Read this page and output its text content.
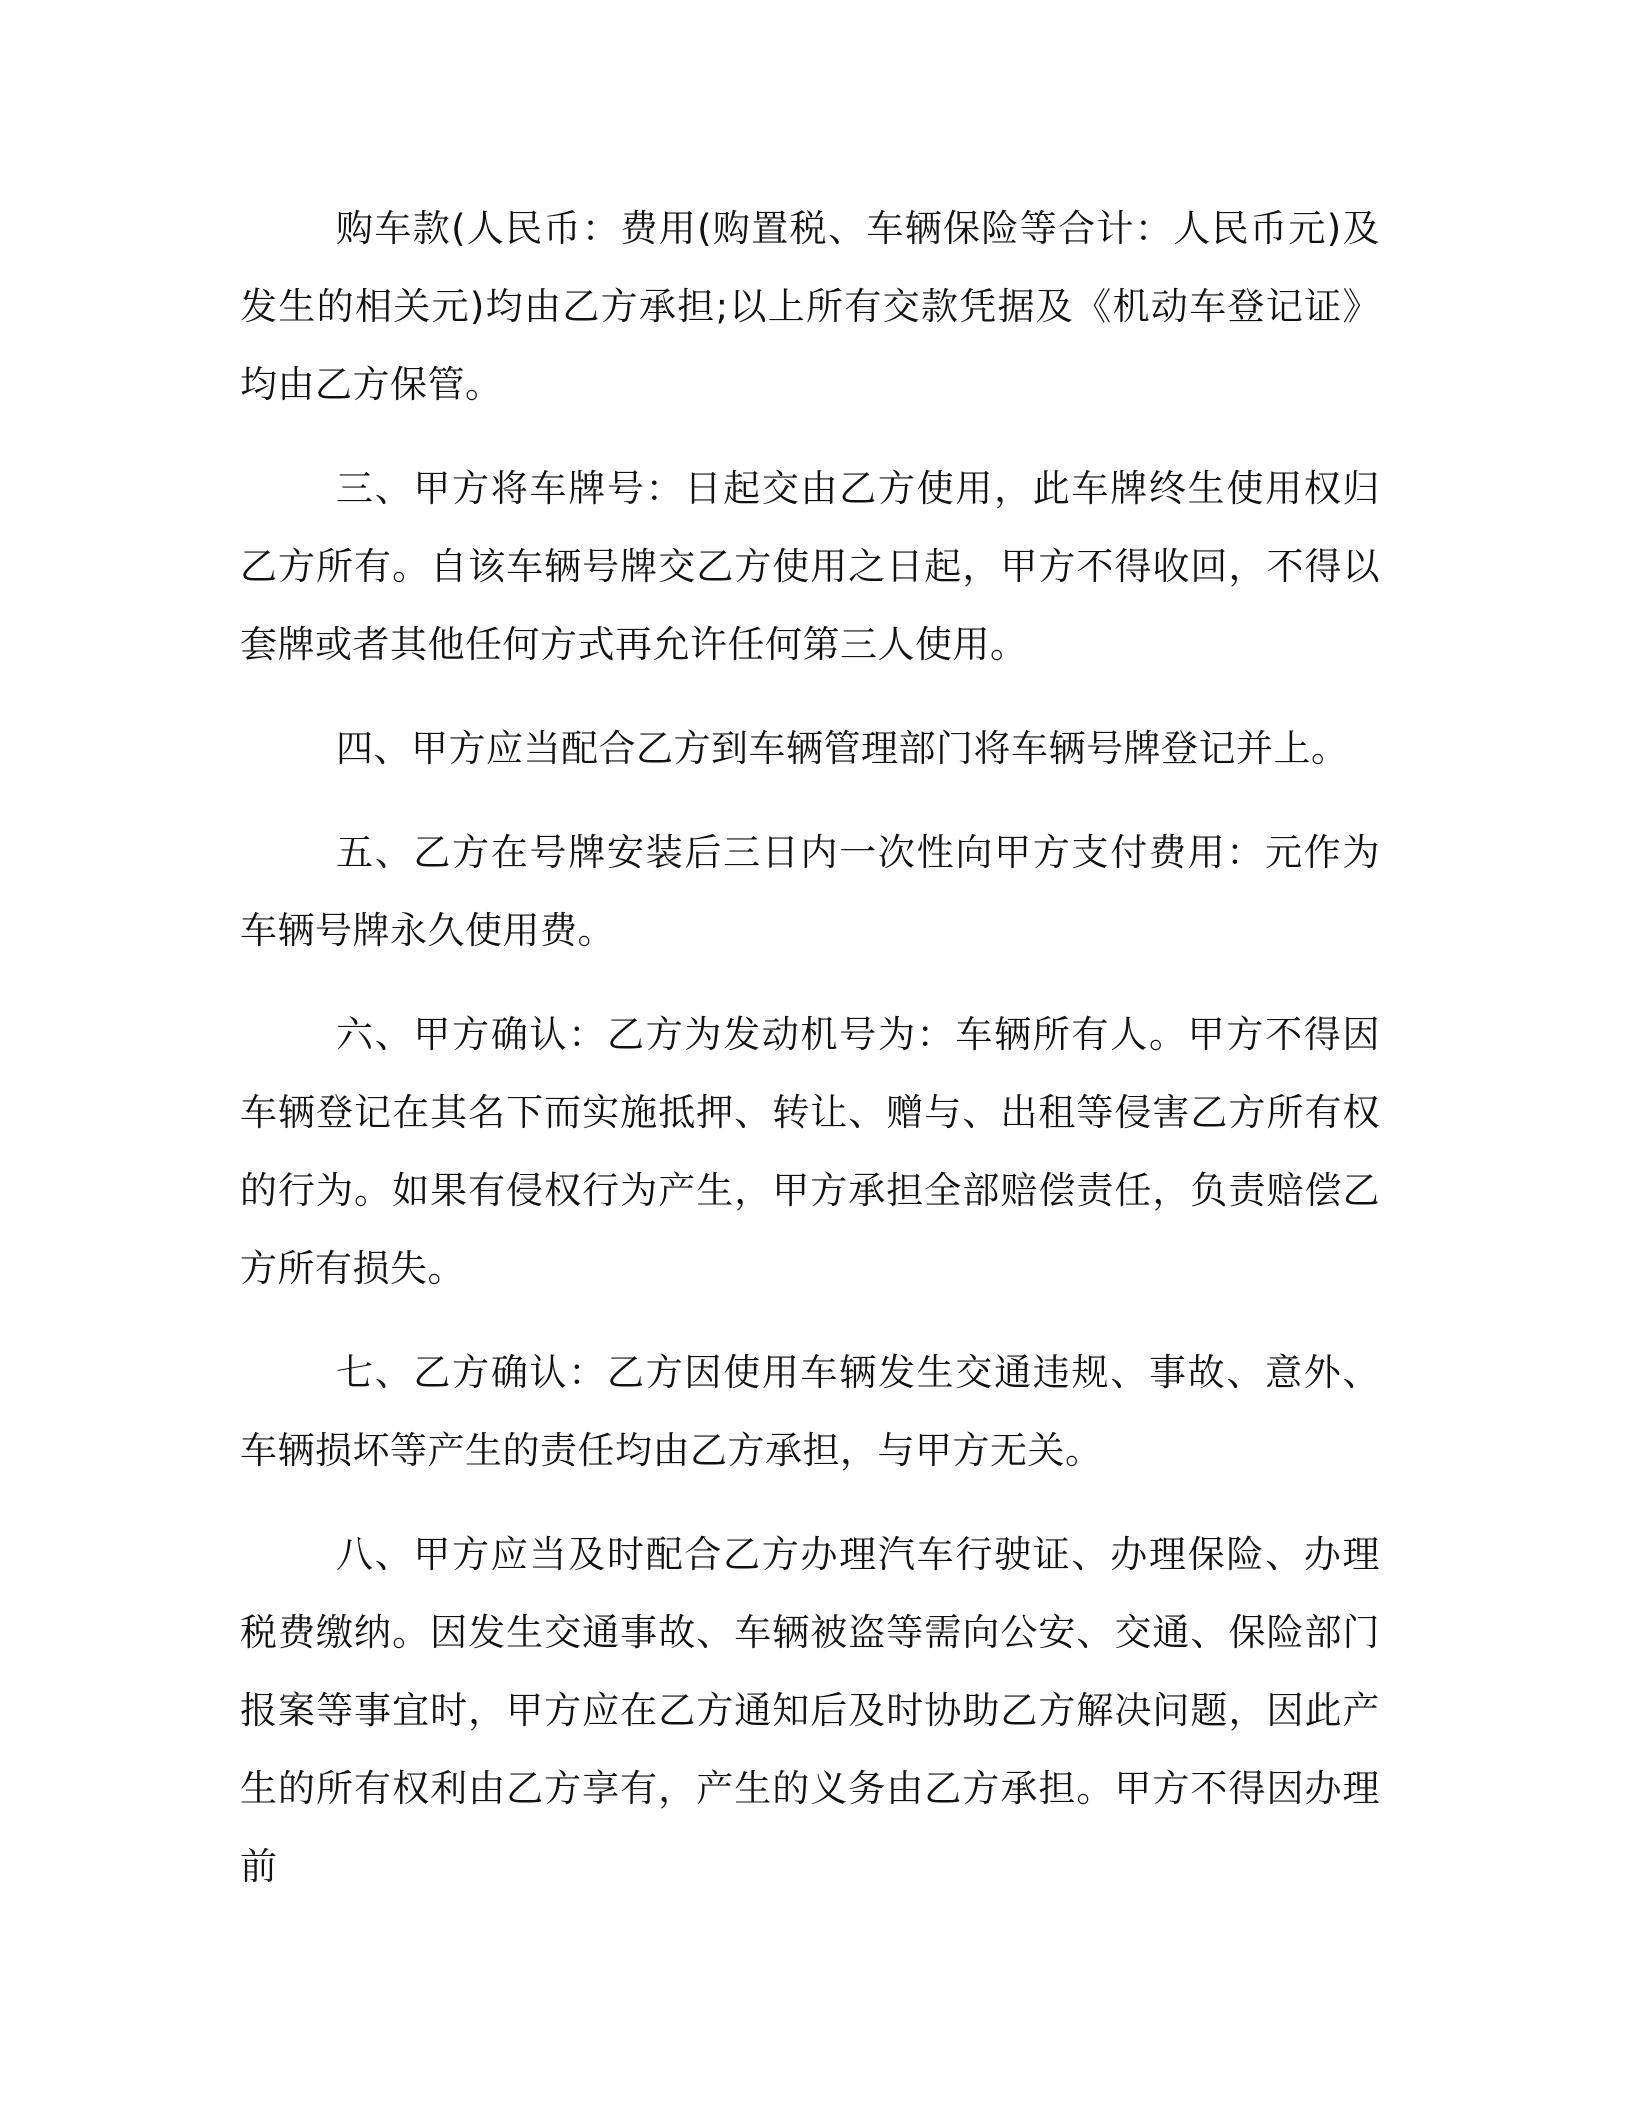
购车款(人民币：费用(购置税、车辆保险等合计：人民币元)及发生的相关元)均由乙方承担;以上所有交款凭据及《机动车登记证》均由乙方保管。

三、甲方将车牌号：日起交由乙方使用，此车牌终生使用权归乙方所有。自该车辆号牌交乙方使用之日起，甲方不得收回，不得以套牌或者其他任何方式再允许任何第三人使用。

四、甲方应当配合乙方到车辆管理部门将车辆号牌登记并上。

五、乙方在号牌安装后三日内一次性向甲方支付费用：元作为车辆号牌永久使用费。

六、甲方确认：乙方为发动机号为：车辆所有人。甲方不得因车辆登记在其名下而实施抵押、转让、赠与、出租等侵害乙方所有权的行为。如果有侵权行为产生，甲方承担全部赔偿责任，负责赔偿乙方所有损失。

七、乙方确认：乙方因使用车辆发生交通违规、事故、意外、车辆损坏等产生的责任均由乙方承担，与甲方无关。

八、甲方应当及时配合乙方办理汽车行驶证、办理保险、办理税费缴纳。因发生交通事故、车辆被盗等需向公安、交通、保险部门报案等事宜时，甲方应在乙方通知后及时协助乙方解决问题，因此产生的所有权利由乙方享有，产生的义务由乙方承担。甲方不得因办理前
